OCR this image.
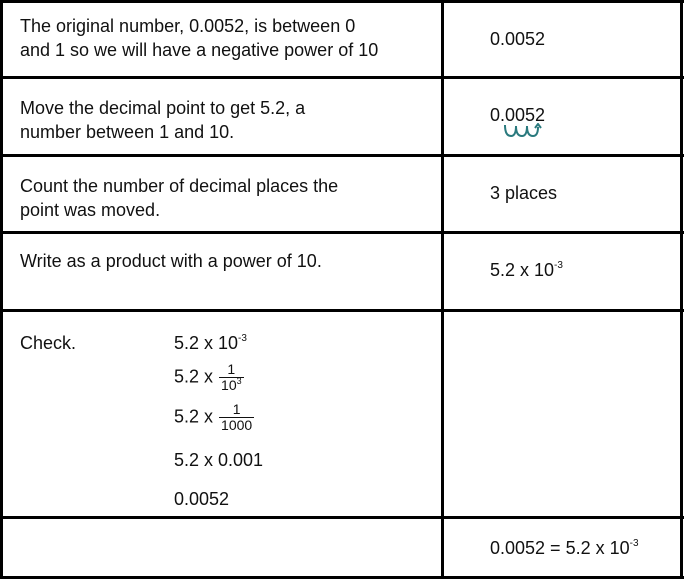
The original number, 0.0052, is between 0
and 1 so we will have a negative power of 10
0.0052
Move the decimal point to get 5.2, a
number between 1 and 10.
0.0052
Count the number of decimal places the
point was moved.
3 places
Write as a product with a power of 10.	5.2 x $10^{-3}$
Check.	5.2 x $10^{-3}$
5.2 x $\frac{1}{10^3}$
5.2 x $\frac{1}{1000}$
5.2 x 0.001
0.0052
0.0052 = 5.2 x $10^{-3}$
